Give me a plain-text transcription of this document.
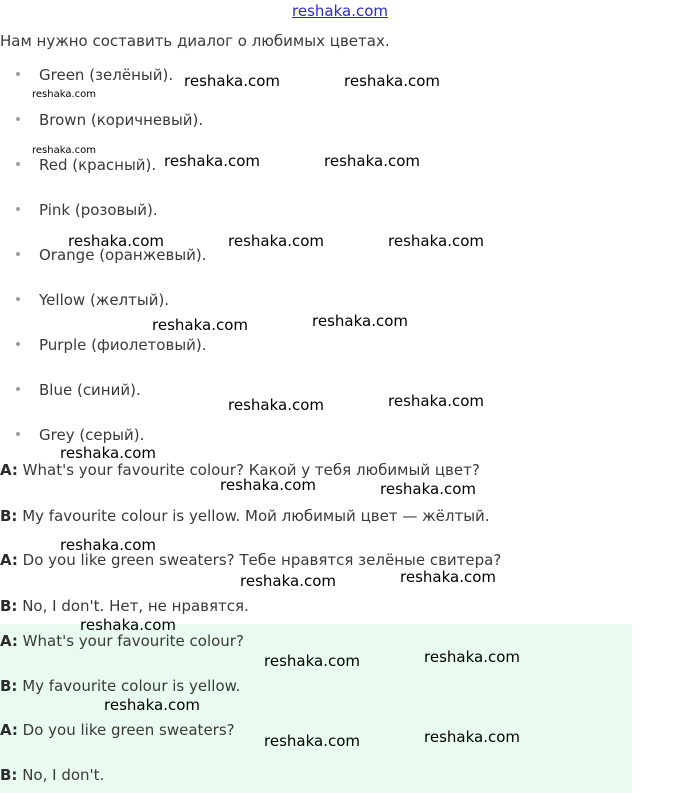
reshaka.com
Нам нужно составить диалог о любимых цветах.
Green (зелёный).
Brown (коричневый).
Red (красный).
Pink (розовый).
Orange (оранжевый).
Yellow (желтый).
Purple (фиолетовый).
Blue (синий).
Grey (серый).
A: What's your favourite colour? Какой у тебя любимый цвет?
B: My favourite colour is yellow. Мой любимый цвет — жёлтый.
A: Do you like green sweaters? Тебе нравятся зелёные свитера?
B: No, I don't. Нет, не нравятся.
A: What's your favourite colour?
B: My favourite colour is yellow.
A: Do you like green sweaters?
B: No, I don't.
reshaka.com	reshaka.com
reshaka.com
reshaka.com
reshaka.com	reshaka.com
reshaka.com	reshaka.com	reshaka.com
reshaka.com	reshaka.com
reshaka.com	reshaka.com
reshaka.com
reshaka.com	reshaka.com
reshaka.com
reshaka.com	reshaka.com
reshaka.com
reshaka.com	reshaka.com
reshaka.com
reshaka.com	reshaka.com
